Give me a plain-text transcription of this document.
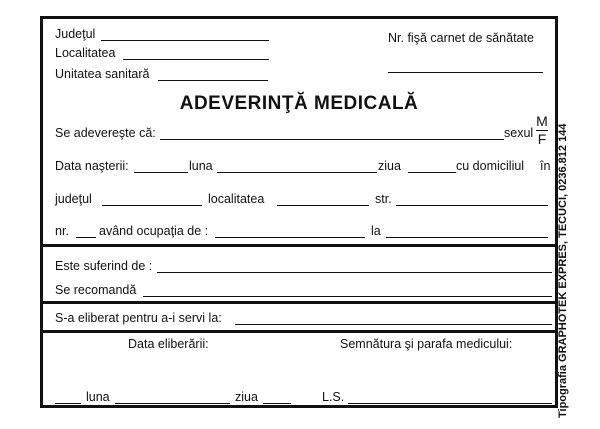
Judeţul
Localitatea
Unitatea sanitară
Nr. fişă carnet de sănătate
ADEVERINŢĂ MEDICALĂ
Se adevereşte că:	sexul
M
F
Data naşterii:	luna	ziua	cu domiciliul în
judeţul	localitatea	str.
nr. având ocupaţia de :	la
Este suferind de :
Se recomandă
S-a eliberat pentru a-i servi la:
Data eliberării:	Semnătura şi parafa medicului:
luna	ziua	L.S.	Tipografia GRAPHOTEK EXPRES, TECUCI, 0236.812 144
